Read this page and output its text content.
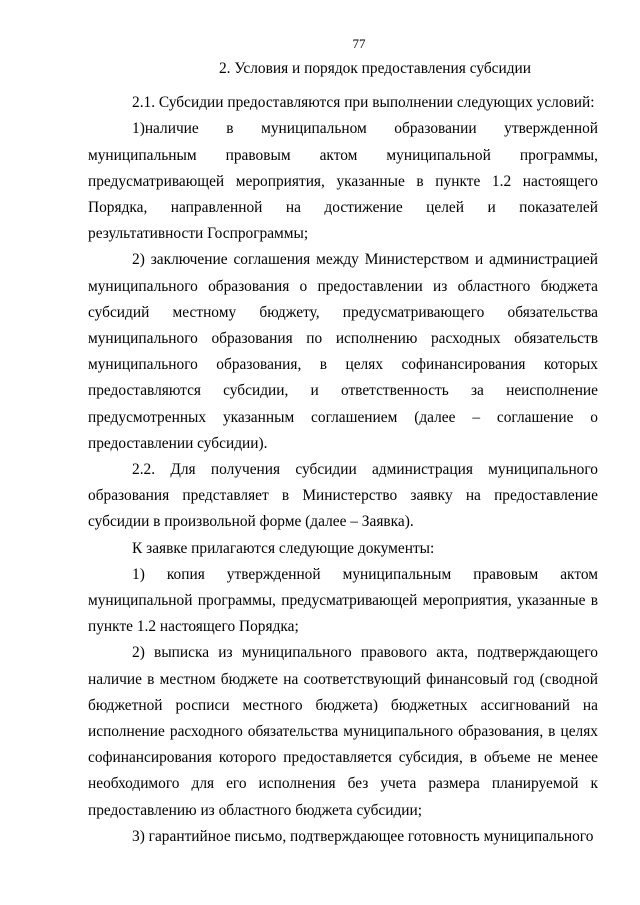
77
2. Условия и порядок предоставления субсидии

2.1. Субсидии предоставляются при выполнении следующих условий:

1)наличие в муниципальном образовании утвержденной муниципальным правовым актом муниципальной программы, предусматривающей мероприятия, указанные в пункте 1.2 настоящего Порядка, направленной на достижение целей и показателей результативности Госпрограммы;

2) заключение соглашения между Министерством и администрацией муниципального образования о предоставлении из областного бюджета субсидий местному бюджету, предусматривающего обязательства муниципального образования по исполнению расходных обязательств муниципального образования, в целях софинансирования которых предоставляются субсидии, и ответственность за неисполнение предусмотренных указанным соглашением (далее – соглашение о предоставлении субсидии).

2.2. Для получения субсидии администрация муниципального образования представляет в Министерство заявку на предоставление субсидии в произвольной форме (далее – Заявка).

К заявке прилагаются следующие документы:

1) копия утвержденной муниципальным правовым актом муниципальной программы, предусматривающей мероприятия, указанные в пункте 1.2 настоящего Порядка;

2) выписка из муниципального правового акта, подтверждающего наличие в местном бюджете на соответствующий финансовый год (сводной бюджетной росписи местного бюджета) бюджетных ассигнований на исполнение расходного обязательства муниципального образования, в целях софинансирования которого предоставляется субсидия, в объеме не менее необходимого для его исполнения без учета размера планируемой к предоставлению из областного бюджета субсидии;

3) гарантийное письмо, подтверждающее готовность муниципального
